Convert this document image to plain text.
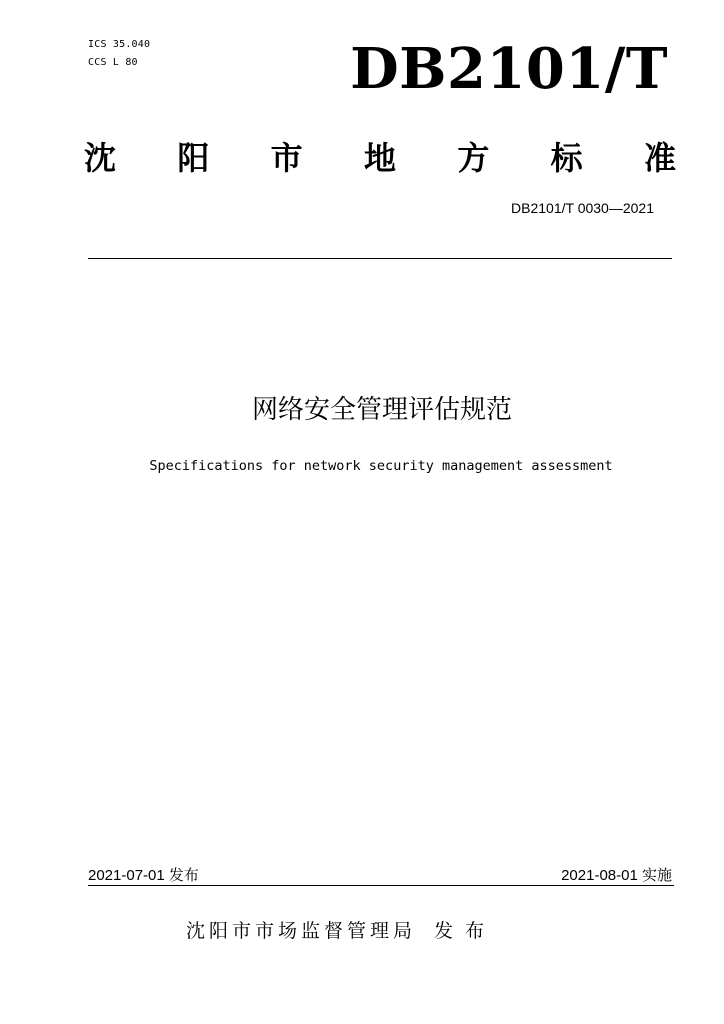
ICS 35.040
CCS L 80	DB2101/T
沈 阳 市 地 方 标 准
DB2101/T 0030—2021
网络安全管理评估规范
Specifications for network security management assessment
2021-07-01 发布	2021-08-01 实施
沈阳市市场监督管理局 发布
